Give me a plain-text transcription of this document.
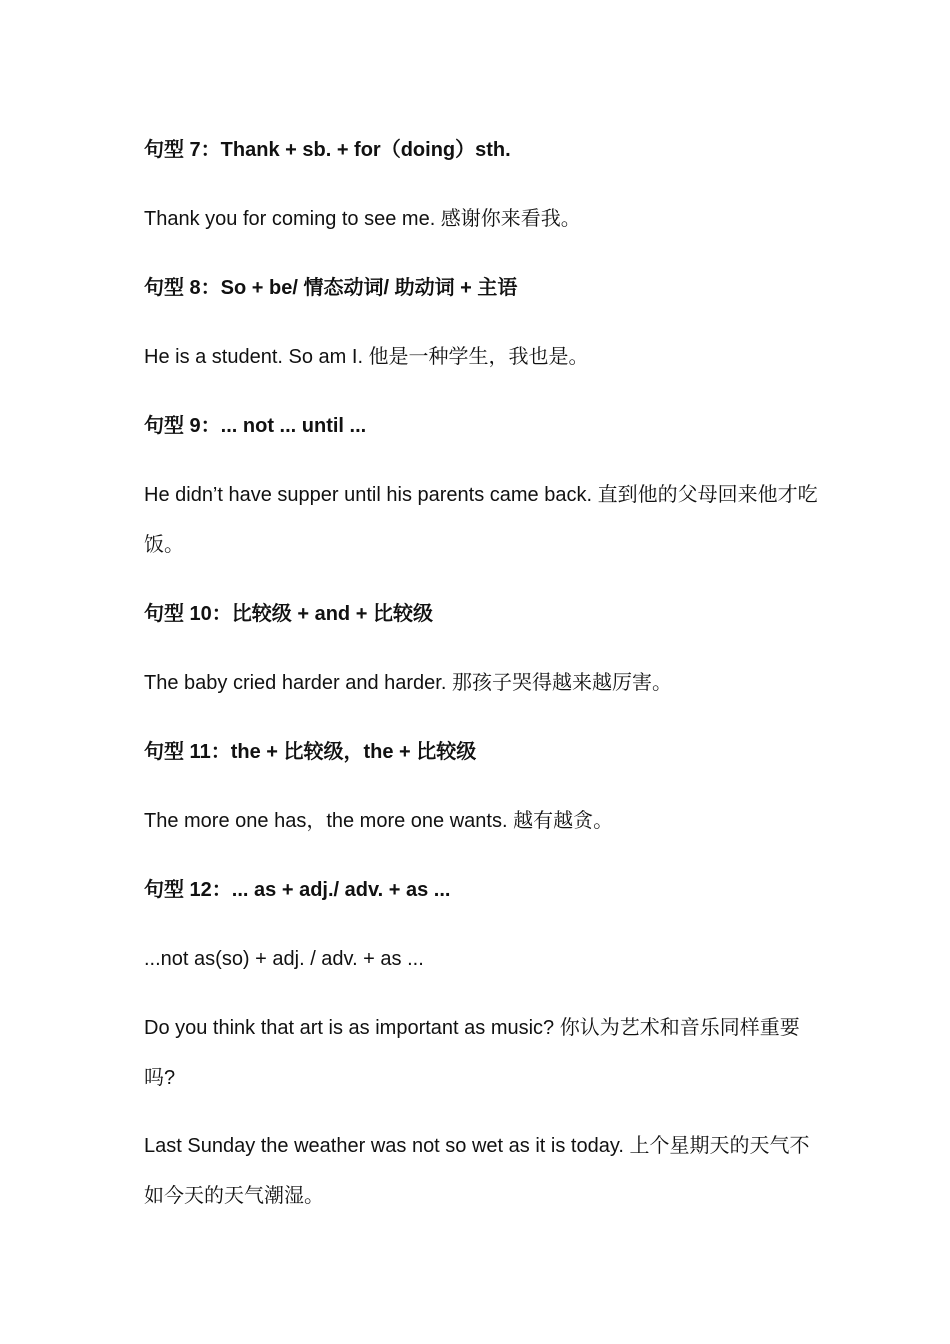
句型 7：Thank + sb. + for（doing）sth.

Thank you for coming to see me. 感谢你来看我。

句型 8：So + be/ 情态动词/ 助动词 + 主语

He is a student. So am I. 他是一种学生，我也是。

句型 9：... not ... until ...

He didn’t have supper until his parents came back. 直到他的父母回来他才吃饭。

句型 10：比较级 + and + 比较级

The baby cried harder and harder. 那孩子哭得越来越厉害。

句型 11：the + 比较级，the + 比较级

The more one has，the more one wants. 越有越贪。

句型 12：... as + adj./ adv. + as ...

...not as(so) + adj. / adv. + as ...

Do you think that art is as important as music? 你认为艺术和音乐同样重要吗?

Last Sunday the weather was not so wet as it is today. 上个星期天的天气不如今天的天气潮湿。
